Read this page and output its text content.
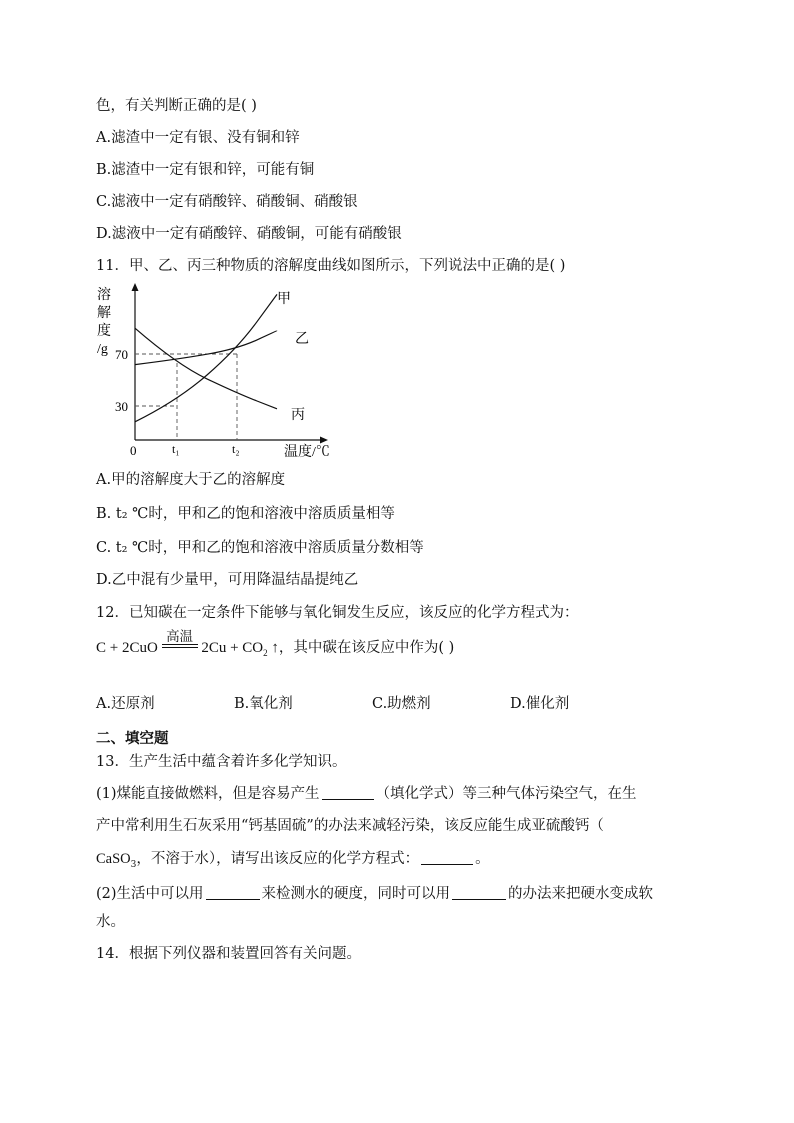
色，有关判断正确的是( )
A.滤渣中一定有银、没有铜和锌
B.滤渣中一定有银和锌，可能有铜
C.滤液中一定有硝酸锌、硝酸铜、硝酸银
D.滤液中一定有硝酸锌、硝酸铜，可能有硝酸银
11．甲、乙、丙三种物质的溶解度曲线如图所示，下列说法中正确的是( )
溶
解
度
/g 70
30
0	t₁	t₂	温度/℃
甲
乙
丙
A.甲的溶解度大于乙的溶解度
B. t₂ ℃时，甲和乙的饱和溶液中溶质质量相等
C. t₂ ℃时，甲和乙的饱和溶液中溶质质量分数相等
D.乙中混有少量甲，可用降温结晶提纯乙
12．已知碳在一定条件下能够与氧化铜发生反应，该反应的化学方程式为：
C + 2CuO
高温
$2Cu + CO_2$ ↑，其中碳在该反应中作为( )
A.还原剂	B.氧化剂	C.助燃剂	D.催化剂
二、填空题
13．生产生活中蕴含着许多化学知识。
(1)煤能直接做燃料，但是容易产生	（填化学式）等三种气体污染空气，在生
产中常利用生石灰采用“钙基固硫”的办法来减轻污染，该反应能生成亚硫酸钙（
CaSO$_3$，不溶于水），请写出该反应的化学方程式：	。
(2)生活中可以用	来检测水的硬度，同时可以用	的办法来把硬水变成软
水。
14．根据下列仪器和装置回答有关问题。
